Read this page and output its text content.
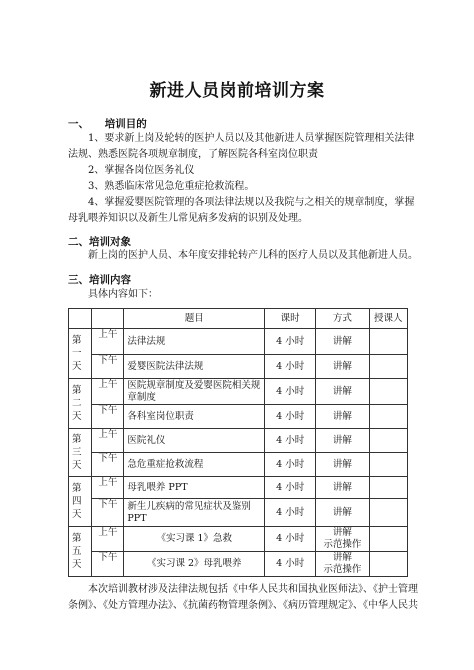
新进人员岗前培训方案
一、　　培训目的
1、要求新上岗及轮转的医护人员以及其他新进人员掌握医院管理相关法律
法规、熟悉医院各项规章制度，了解医院各科室岗位职责
2、掌握各岗位医务礼仪
3、熟悉临床常见急危重症抢救流程。
4、掌握爱婴医院管理的各项法律法规以及我院与之相关的规章制度，掌握
母乳喂养知识以及新生儿常见病多发病的识别及处理。
二、培训对象
新上岗的医护人员、本年度安排轮转产儿科的医疗人员以及其他新进人员。
三、培训内容
具体内容如下：
		题目	课时	方式	授课人

第
一
天	上午	法律法规	4 小时	讲解	
	下午	爱婴医院法律法规	4 小时	讲解	

第
二
天	上午	医院规章制度及爱婴医院相关规章制度	4 小时	讲解	
	下午	各科室岗位职责	4 小时	讲解	

第
三
天	上午	医院礼仪	4 小时	讲解	
	下午	急危重症抢救流程	4 小时	讲解	

第
四
天	上午	母乳喂养 PPT	4 小时	讲解	
	下午	新生儿疾病的常见症状及鉴别 PPT	4 小时	讲解	

第
五
天	上午	《实习课 1》急救	4 小时	讲解
示范操作	
	下午	《实习课 2》母乳喂养	4 小时	讲解
示范操作	
本次培训教材涉及法律法规包括《中华人民共和国执业医师法》、《护士管理
条例》、《处方管理办法》、《抗菌药物管理条例》、《病历管理规定》、《中华人民共
